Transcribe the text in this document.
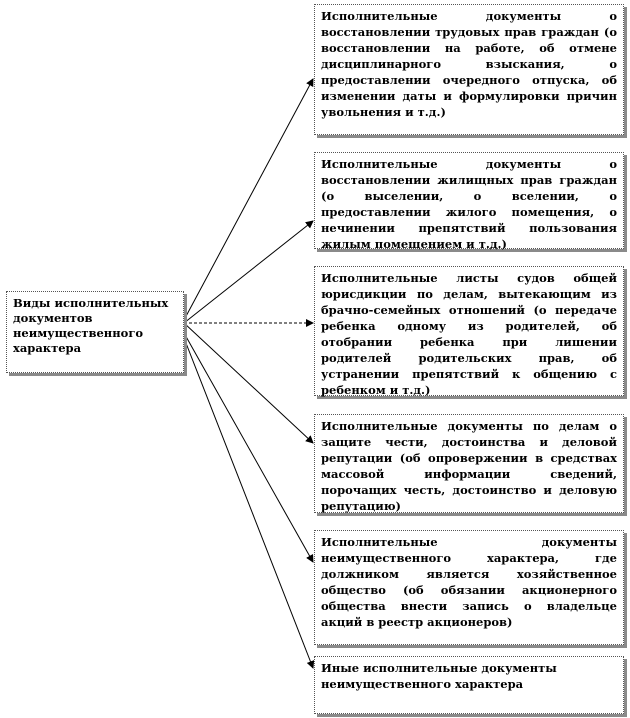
Виды исполнительных документов неимущественного характера
Исполнительные документы о восстановлении трудовых прав граждан (о восстановлении на работе, об отмене дисциплинарного взыскания, о предоставлении очередного отпуска, об изменении даты и формулировки причин увольнения и т.д.)
Исполнительные документы о восстановлении жилищных прав граждан (о выселении, о вселении, о предоставлении жилого помещения, о нечинении препятствий пользования жилым помещением и т.д.)
Исполнительные листы судов общей юрисдикции по делам, вытекающим из брачно-семейных отношений (о передаче ребенка одному из родителей, об отобрании ребенка при лишении родителей родительских прав, об устранении препятствий к общению с ребенком и т.д.)
Исполнительные документы по делам о защите чести, достоинства и деловой репутации (об опровержении в средствах массовой информации сведений, порочащих честь, достоинство и деловую репутацию)
Исполнительные документы неимущественного характера, где должником является хозяйственное общество (об обязании акционерного общества внести запись о владельце акций в реестр акционеров)
Иные исполнительные документы неимущественного характера
